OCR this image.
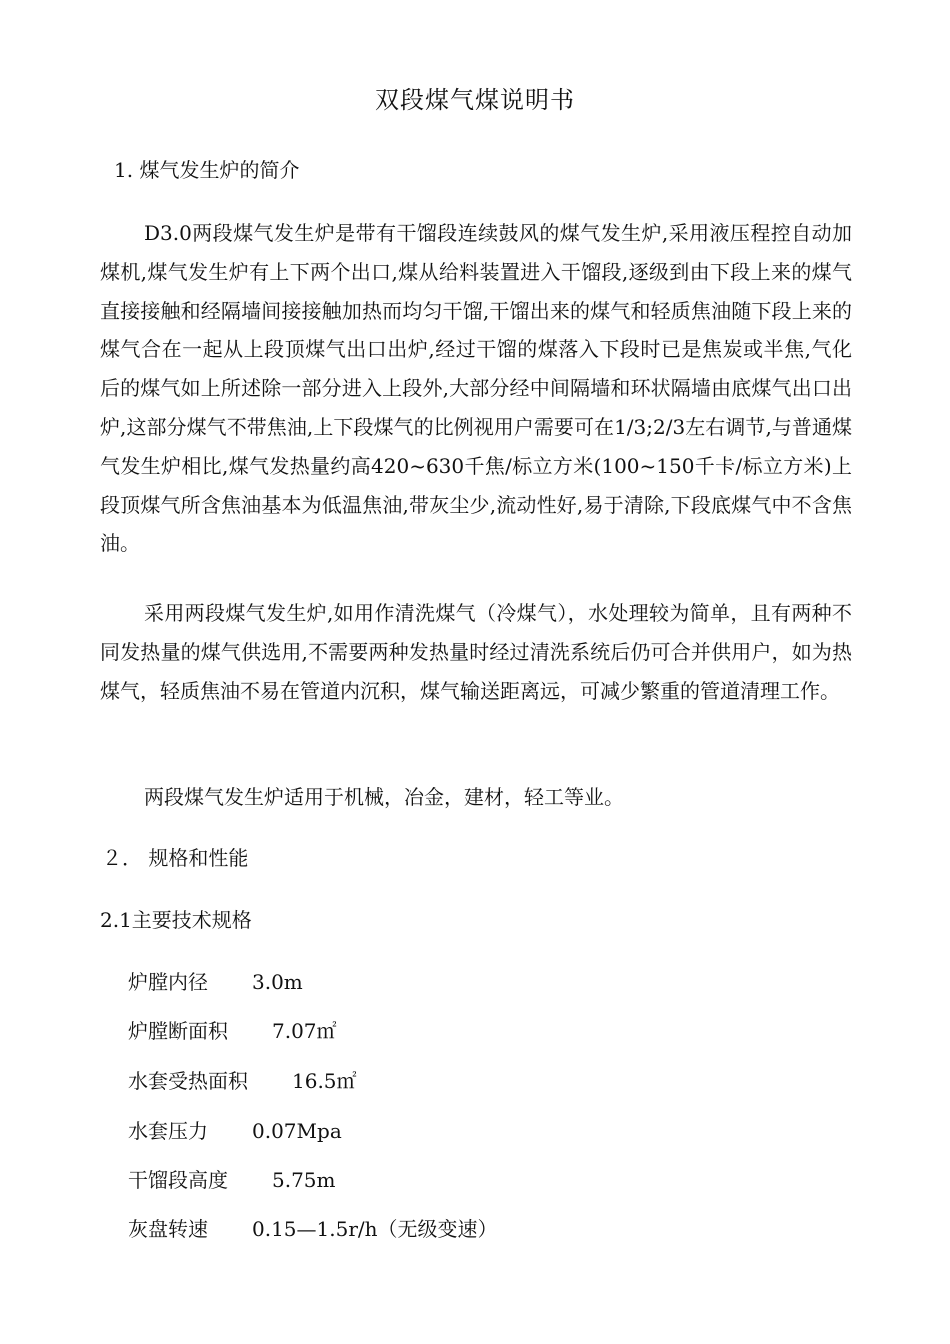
双段煤气煤说明书
1. 煤气发生炉的简介

D3.0两段煤气发生炉是带有干馏段连续鼓风的煤气发生炉,采用液压程控自动加煤机,煤气发生炉有上下两个出口,煤从给料装置进入干馏段,逐级到由下段上来的煤气直接接触和经隔墙间接接触加热而均匀干馏,干馏出来的煤气和轻质焦油随下段上来的煤气合在一起从上段顶煤气出口出炉,经过干馏的煤落入下段时已是焦炭或半焦,气化后的煤气如上所述除一部分进入上段外,大部分经中间隔墙和环状隔墙由底煤气出口出炉,这部分煤气不带焦油,上下段煤气的比例视用户需要可在1/3;2/3左右调节,与普通煤气发生炉相比,煤气发热量约高420~630千焦/标立方米(100~150千卡/标立方米)上段顶煤气所含焦油基本为低温焦油,带灰尘少,流动性好,易于清除,下段底煤气中不含焦油。

采用两段煤气发生炉,如用作清洗煤气（冷煤气），水处理较为简单，且有两种不同发热量的煤气供选用,不需要两种发热量时经过清洗系统后仍可合并供用户，如为热煤气，轻质焦油不易在管道内沉积，煤气输送距离远，可减少繁重的管道清理工作。

两段煤气发生炉适用于机械，冶金，建材，轻工等业。

２． 规格和性能
2.1主要技术规格
炉膛内径 3.0m
炉膛断面积 7.07㎡
水套受热面积 16.5㎡
水套压力 0.07Mpa
干馏段高度 5.75m
灰盘转速 0.15—1.5r/h（无级变速）
